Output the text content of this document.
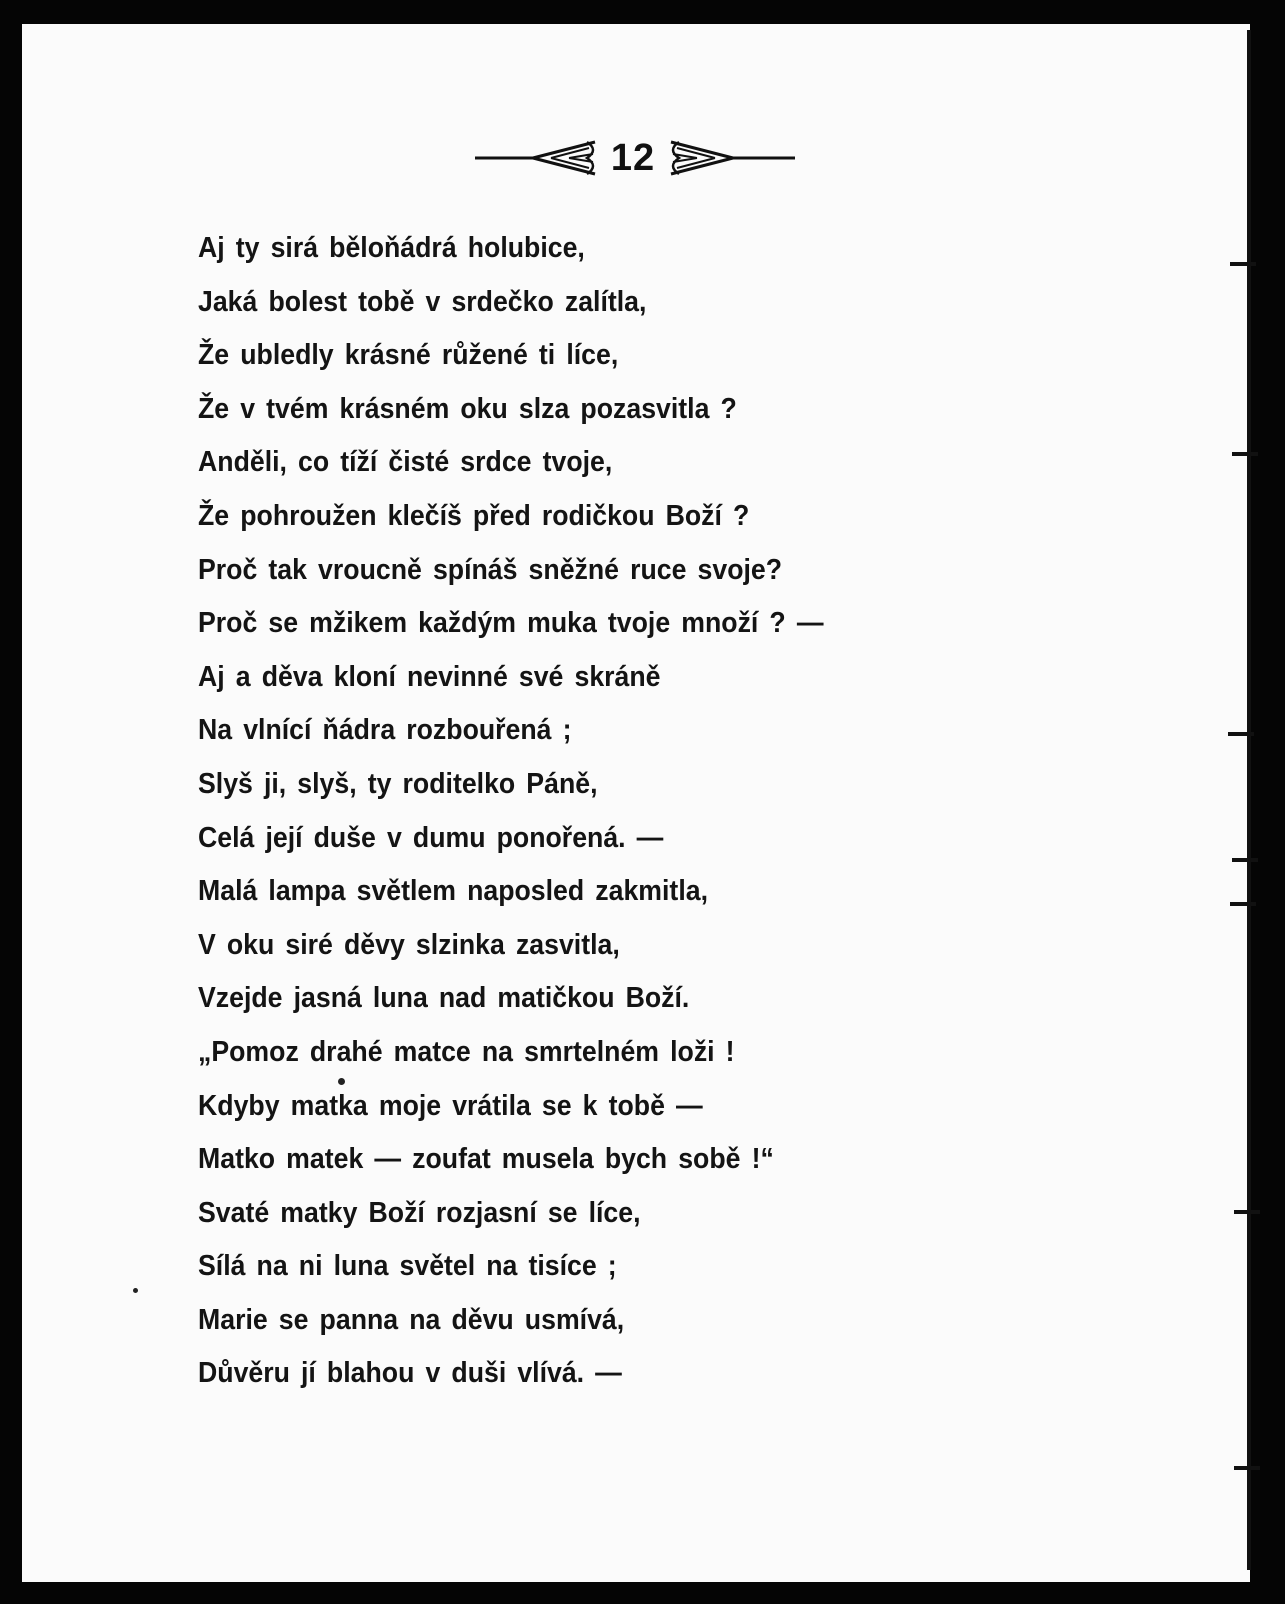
12
Aj ty sirá běloňádrá holubice,
Jaká bolest tobě v srdečko zalítla,
Že ubledly krásné růžené ti líce,
Že v tvém krásném oku slza pozasvitla ?
Anděli, co tíží čisté srdce tvoje,
Že pohroužen klečíš před rodičkou Boží ?
Proč tak vroucně spínáš sněžné ruce svoje?
Proč se mžikem každým muka tvoje množí ? —
Aj a děva kloní nevinné své skráně
Na vlnící ňádra rozbouřená ;
Slyš ji, slyš, ty roditelko Páně,
Celá její duše v dumu ponořená. —
Malá lampa světlem naposled zakmitla,
V oku siré děvy slzinka zasvitla,
Vzejde jasná luna nad matičkou Boží.
„Pomoz drahé matce na smrtelném loži !
Kdyby matka moje vrátila se k tobě —
Matko matek — zoufat musela bych sobě !“
Svaté matky Boží rozjasní se líce,
Sílá na ni luna světel na tisíce ;
Marie se panna na děvu usmívá,
Důvěru jí blahou v duši vlívá. —
